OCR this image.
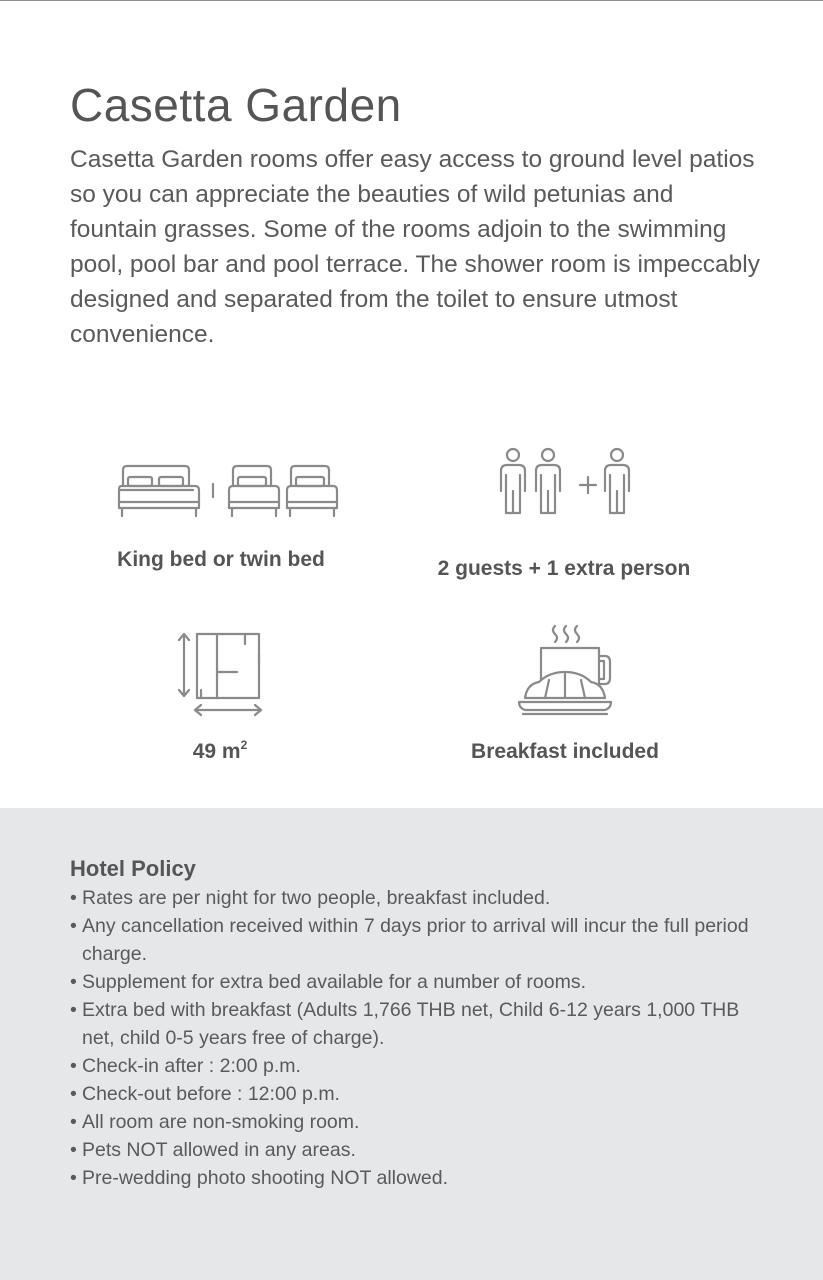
Casetta Garden

Casetta Garden rooms offer easy access to ground level patios so you can appreciate the beauties of wild petunias and fountain grasses. Some of the rooms adjoin to the swimming pool, pool bar and pool terrace. The shower room is impeccably designed and separated from the toilet to ensure utmost convenience.

King bed or twin bed	2 guests + 1 extra person
49 $m^2$	Breakfast included
Hotel Policy
• Rates are per night for two people, breakfast included.
• Any cancellation received within 7 days prior to arrival will incur the full period charge.
• Supplement for extra bed available for a number of rooms.
• Extra bed with breakfast (Adults 1,766 THB net, Child 6-12 years 1,000 THB net, child 0-5 years free of charge).
• Check-in after : 2:00 p.m.
• Check-out before : 12:00 p.m.
• All room are non-smoking room.
• Pets NOT allowed in any areas.
• Pre-wedding photo shooting NOT allowed.
